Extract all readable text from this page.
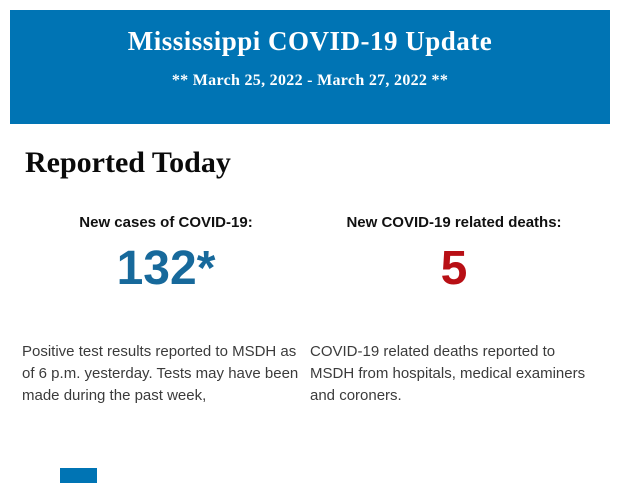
Mississippi COVID-19 Update

** March 25, 2022 - March 27, 2022 **

Reported Today
New cases of COVID-19:
132*

Positive test results reported to MSDH as of 6 p.m. yesterday. Tests may have been made during the past week,

New COVID-19 related deaths:
5

COVID-19 related deaths reported to MSDH from hospitals, medical examiners and coroners.
